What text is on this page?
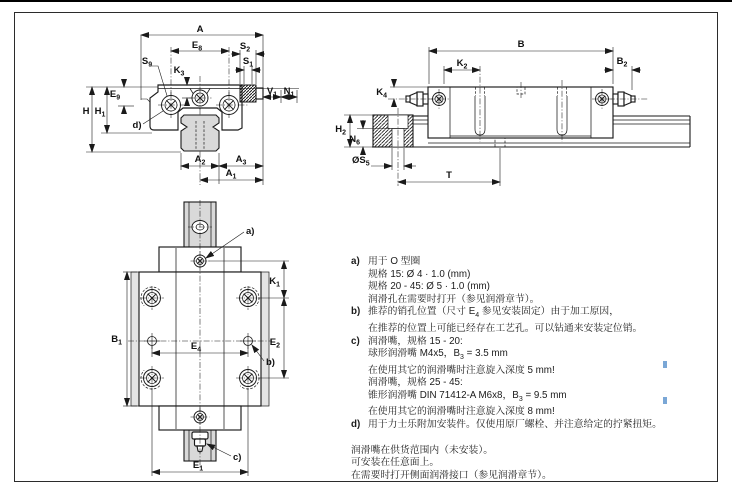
A
$E_8$	$S_2$
$S_1$
$S_9$
$K_3$
$V_1$ $N_1$
$E_9$
$H_1$
H
d)
$A_2$	$A_3$
$A_1$
B
$K_2$	$B_2$
$K_4$
$H_2$
$N_6$
$ØS_5$
T
a)
$K_1$
$E_2$
$E_4$
b)
c)
$B_1$
$E_1$
a) 用于 O 型圈
规格 15: Ø 4 · 1.0 (mm)
规格 20 - 45: Ø 5 · 1.0 (mm)
润滑孔在需要时打开（参见润滑章节）。
b) 推荐的销孔位置（尺寸 $E_4$ 参见安装固定）由于加工原因，
在推荐的位置上可能已经存在工艺孔。可以钻通来安装定位销。
c) 润滑嘴，规格 15 - 20:
球形润滑嘴 M4x5，$B_3 = 3.5$ mm
在使用其它的润滑嘴时注意旋入深度 5 mm!
润滑嘴，规格 25 - 45:
锥形润滑嘴 DIN 71412-A M6x8，$B_3 = 9.5$ mm
在使用其它的润滑嘴时注意旋入深度 8 mm!
d) 用于力士乐附加安装件。仅使用原厂螺栓、并注意给定的拧紧扭矩。
润滑嘴在供货范围内（未安装）。
可安装在任意面上。
在需要时打开侧面润滑接口（参见润滑章节）。
